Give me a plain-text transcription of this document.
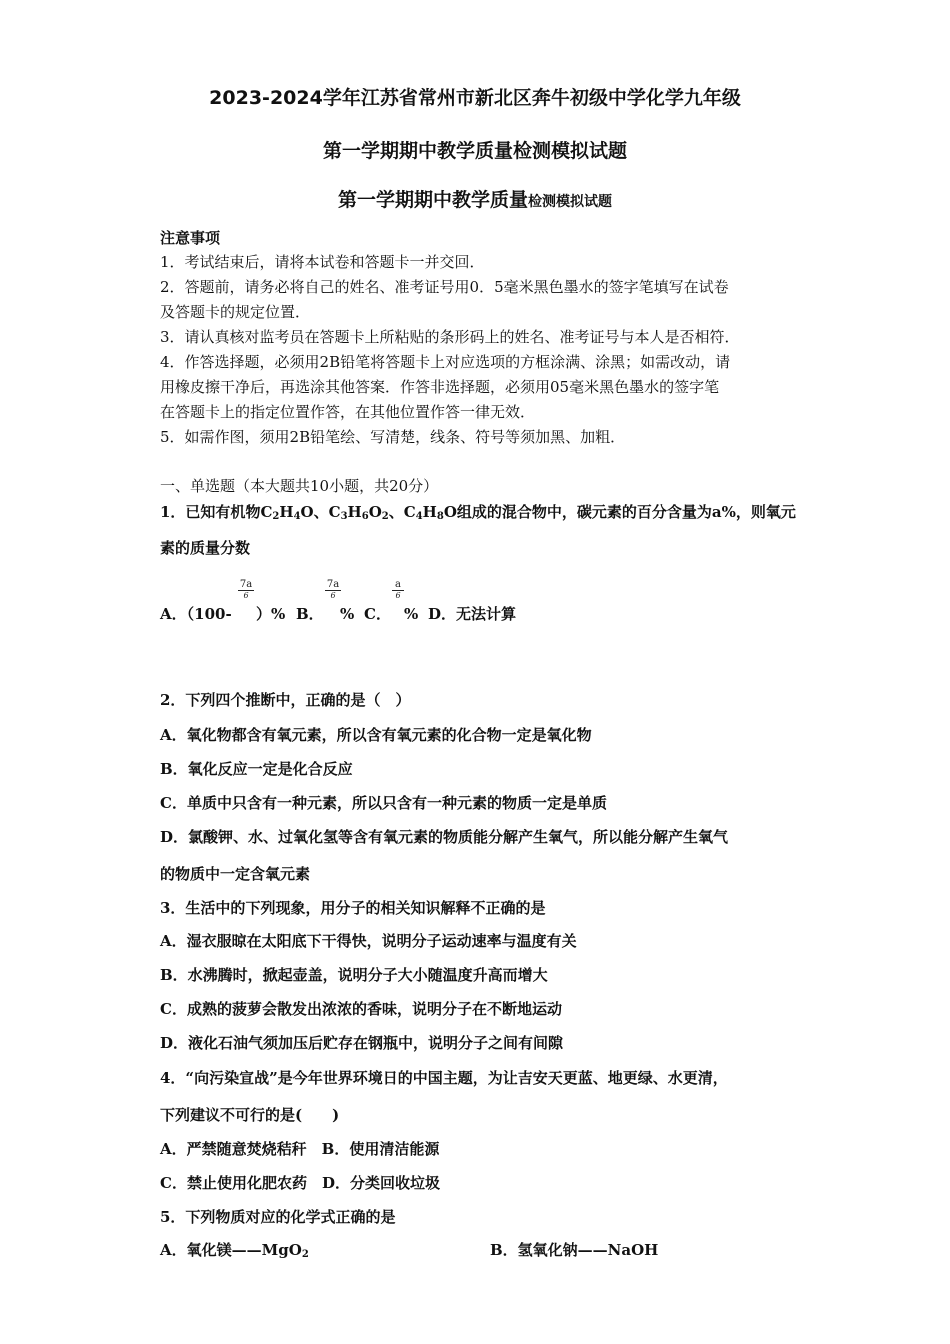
2023-2024学年江苏省常州市新北区奔牛初级中学化学九年级
第一学期期中教学质量检测模拟试题
第一学期期中教学质量检测模拟试题
注意事项
1．考试结束后，请将本试卷和答题卡一并交回．
2．答题前，请务必将自己的姓名、准考证号用0．5毫米黑色墨水的签字笔填写在试卷
及答题卡的规定位置．
3．请认真核对监考员在答题卡上所粘贴的条形码上的姓名、准考证号与本人是否相符．
4．作答选择题，必须用2B铅笔将答题卡上对应选项的方框涂满、涂黑；如需改动，请
用橡皮擦干净后，再选涂其他答案．作答非选择题，必须用05毫米黑色墨水的签字笔
在答题卡上的指定位置作答，在其他位置作答一律无效．
5．如需作图，须用2B铅笔绘、写清楚，线条、符号等须加黑、加粗．
一、单选题（本大题共10小题，共20分）
1．已知有机物$C_2H_4O$、$C_3H_6O_2$、$C_4H_8O$组成的混合物中，碳元素的百分含量为a%，则氧元
素的质量分数
7a
6
7a
6
a
6
A．（100- ）% B． % C． % D．无法计算
2．下列四个推断中，正确的是（　）
A．氧化物都含有氧元素，所以含有氧元素的化合物一定是氧化物
B．氧化反应一定是化合反应
C．单质中只含有一种元素，所以只含有一种元素的物质一定是单质
D．氯酸钾、水、过氧化氢等含有氧元素的物质能分解产生氧气，所以能分解产生氧气
的物质中一定含氧元素
3．生活中的下列现象，用分子的相关知识解释不正确的是
A．湿衣服晾在太阳底下干得快，说明分子运动速率与温度有关
B．水沸腾时，掀起壶盖，说明分子大小随温度升高而增大
C．成熟的菠萝会散发出浓浓的香味，说明分子在不断地运动
D．液化石油气须加压后贮存在钢瓶中，说明分子之间有间隙
4．“向污染宣战”是今年世界环境日的中国主题，为让吉安天更蓝、地更绿、水更清，
下列建议不可行的是(　　)
A．严禁随意焚烧秸秆　B．使用清洁能源
C．禁止使用化肥农药　D．分类回收垃圾
5．下列物质对应的化学式正确的是
A．氧化镁——MgO$_2$	B．氢氧化钠——NaOH
